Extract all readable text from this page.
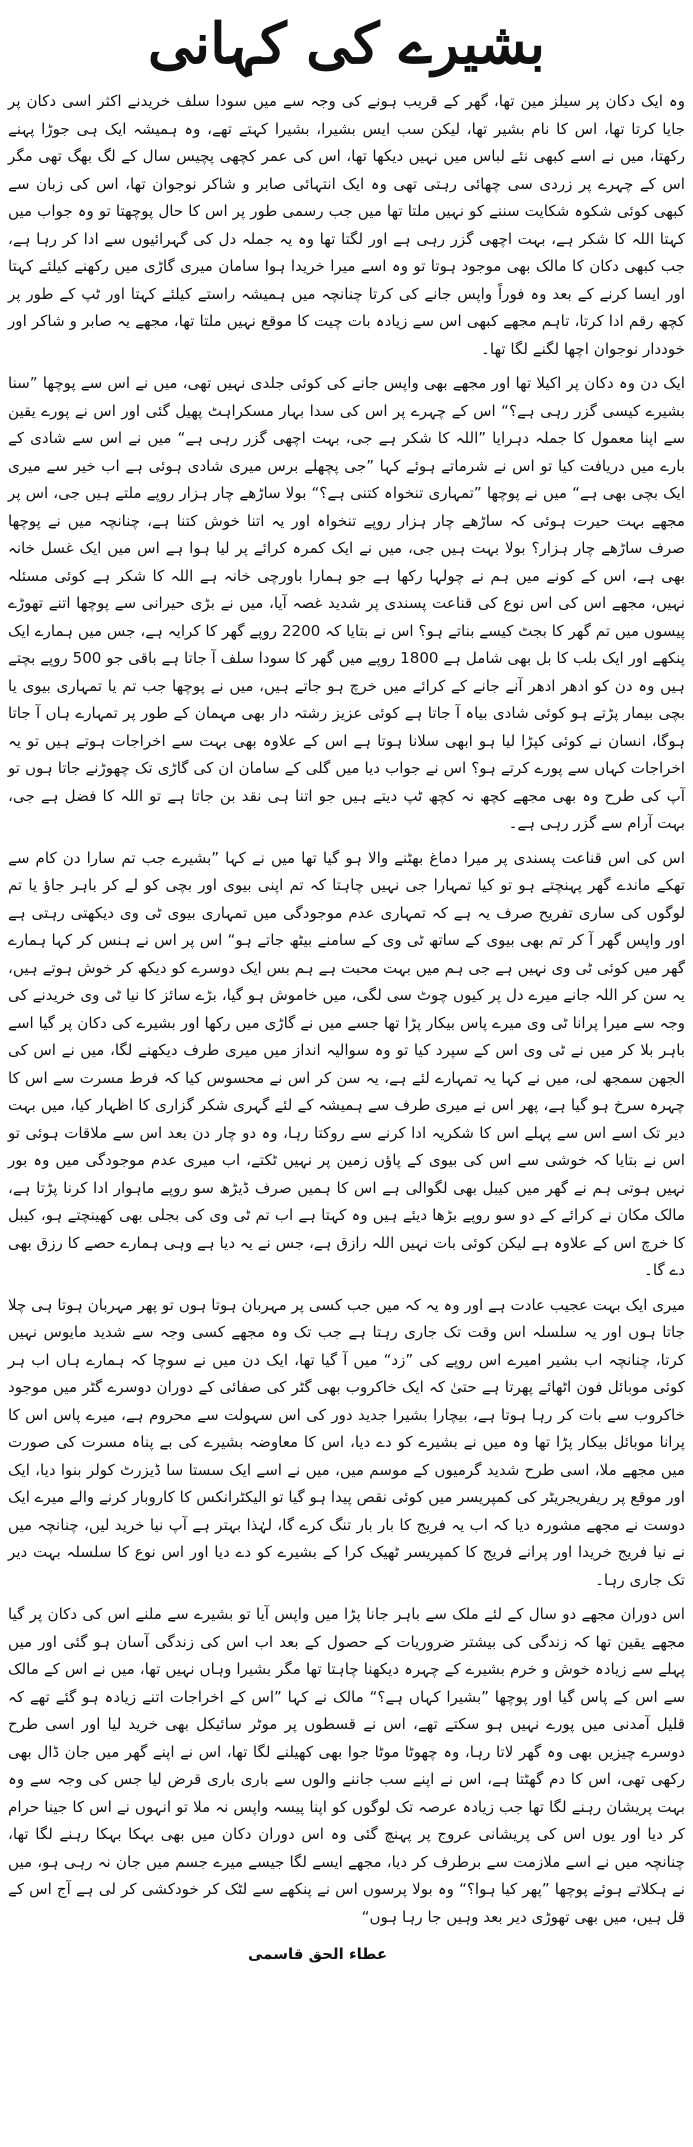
بشیرے کی کہانی

وہ ایک دکان پر سیلز مین تھا، گھر کے قریب ہونے کی وجہ سے میں سودا سلف خریدنے اکثر اسی دکان پر جایا کرتا تھا، اس کا نام بشیر تھا، لیکن سب ایس بشیرا، بشیرا کہتے تھے، وہ ہمیشہ ایک ہی جوڑا پہنے رکھتا، میں نے اسے کبھی نئے لباس میں نہیں دیکھا تھا، اس کی عمر کچھی پچیس سال کے لگ بھگ تھی مگر اس کے چہرے پر زردی سی چھائی رہتی تھی وہ ایک انتہائی صابر و شاکر نوجوان تھا، اس کی زبان سے کبھی کوئی شکوہ شکایت سننے کو نہیں ملتا تھا میں جب رسمی طور پر اس کا حال پوچھتا تو وہ جواب میں کہتا اللہ کا شکر ہے، بہت اچھی گزر رہی ہے اور لگتا تھا وہ یہ جملہ دل کی گہرائیوں سے ادا کر رہا ہے، جب کبھی دکان کا مالک بھی موجود ہوتا تو وہ اسے میرا خریدا ہوا سامان میری گاڑی میں رکھنے کیلئے کہتا اور ایسا کرنے کے بعد وہ فوراً واپس جانے کی کرتا چنانچہ میں ہمیشہ راستے کیلئے کہتا اور ٹپ کے طور پر کچھ رقم ادا کرتا، تاہم مجھے کبھی اس سے زیادہ بات چیت کا موقع نہیں ملتا تھا، مجھے یہ صابر و شاکر اور خوددار نوجوان اچھا لگنے لگا تھا۔

ایک دن وہ دکان پر اکیلا تھا اور مجھے بھی واپس جانے کی کوئی جلدی نہیں تھی، میں نے اس سے پوچھا ”سنا بشیرے کیسی گزر رہی ہے؟“ اس کے چہرے پر اس کی سدا بہار مسکراہٹ پھیل گئی اور اس نے پورے یقین سے اپنا معمول کا جملہ دہرایا ”اللہ کا شکر ہے جی، بہت اچھی گزر رہی ہے“ میں نے اس سے شادی کے بارے میں دریافت کیا تو اس نے شرماتے ہوئے کہا ”جی پچھلے برس میری شادی ہوئی ہے اب خیر سے میری ایک بچی بھی ہے“ میں نے پوچھا ”تمہاری تنخواہ کتنی ہے؟“ بولا ساڑھے چار ہزار روپے ملتے ہیں جی، اس پر مجھے بہت حیرت ہوئی کہ ساڑھے چار ہزار روپے تنخواہ اور یہ اتنا خوش کتنا ہے، چنانچہ میں نے پوچھا صرف ساڑھے چار ہزار؟ بولا بہت ہیں جی، میں نے ایک کمرہ کرائے پر لیا ہوا ہے اس میں ایک غسل خانہ بھی ہے، اس کے کونے میں ہم نے چولہا رکھا ہے جو ہمارا باورچی خانہ ہے اللہ کا شکر ہے کوئی مسئلہ نہیں، مجھے اس کی اس نوع کی قناعت پسندی پر شدید غصہ آیا، میں نے بڑی حیرانی سے پوچھا اتنے تھوڑے پیسوں میں تم گھر کا بجٹ کیسے بناتے ہو؟ اس نے بتایا کہ 2200 روپے گھر کا کرایہ ہے، جس میں ہمارے ایک پنکھے اور ایک بلب کا بل بھی شامل ہے 1800 روپے میں گھر کا سودا سلف آ جاتا ہے باقی جو 500 روپے بچتے ہیں وہ دن کو ادھر ادھر آنے جانے کے کرائے میں خرچ ہو جاتے ہیں، میں نے پوچھا جب تم یا تمہاری بیوی یا بچی بیمار پڑتے ہو کوئی شادی بیاہ آ جاتا ہے کوئی عزیز رشتہ دار بھی مہمان کے طور پر تمہارے ہاں آ جاتا ہوگا، انسان نے کوئی کپڑا لیا ہو ابھی سلانا ہوتا ہے اس کے علاوہ بھی بہت سے اخراجات ہوتے ہیں تو یہ اخراجات کہاں سے پورے کرتے ہو؟ اس نے جواب دیا میں گلی کے سامان ان کی گاڑی تک چھوڑنے جاتا ہوں تو آپ کی طرح وہ بھی مجھے کچھ نہ کچھ ٹپ دیتے ہیں جو اتنا ہی نقد بن جاتا ہے تو اللہ کا فضل ہے جی، بہت آرام سے گزر رہی ہے۔

اس کی اس قناعت پسندی پر میرا دماغ بھٹنے والا ہو گیا تھا میں نے کہا ”بشیرے جب تم سارا دن کام سے تھکے ماندے گھر پہنچتے ہو تو کیا تمہارا جی نہیں چاہتا کہ تم اپنی بیوی اور بچی کو لے کر باہر جاؤ یا تم لوگوں کی ساری تفریح صرف یہ ہے کہ تمہاری عدم موجودگی میں تمہاری بیوی ٹی وی دیکھتی رہتی ہے اور واپس گھر آ کر تم بھی بیوی کے ساتھ ٹی وی کے سامنے بیٹھ جاتے ہو“ اس پر اس نے ہنس کر کہا ہمارے گھر میں کوئی ٹی وی نہیں ہے جی ہم میں بہت محبت ہے ہم بس ایک دوسرے کو دیکھ کر خوش ہوتے ہیں، یہ سن کر اللہ جانے میرے دل پر کیوں چوٹ سی لگی، میں خاموش ہو گیا، بڑے سائز کا نیا ٹی وی خریدنے کی وجہ سے میرا پرانا ٹی وی میرے پاس بیکار پڑا تھا جسے میں نے گاڑی میں رکھا اور بشیرے کی دکان پر گیا اسے باہر بلا کر میں نے ٹی وی اس کے سپرد کیا تو وہ سوالیہ انداز میں میری طرف دیکھنے لگا، میں نے اس کی الجھن سمجھ لی، میں نے کہا یہ تمہارے لئے ہے، یہ سن کر اس نے محسوس کیا کہ فرط مسرت سے اس کا چہرہ سرخ ہو گیا ہے، پھر اس نے میری طرف سے ہمیشہ کے لئے گہری شکر گزاری کا اظہار کیا، میں بہت دیر تک اسے اس سے پہلے اس کا شکریہ ادا کرنے سے روکتا رہا، وہ دو چار دن بعد اس سے ملاقات ہوئی تو اس نے بتایا کہ خوشی سے اس کی بیوی کے پاؤں زمین پر نہیں ٹکتے، اب میری عدم موجودگی میں وہ بور نہیں ہوتی ہم نے گھر میں کیبل بھی لگوالی ہے اس کا ہمیں صرف ڈیڑھ سو روپے ماہوار ادا کرنا پڑتا ہے، مالک مکان نے کرائے کے دو سو روپے بڑھا دیئے ہیں وہ کہتا ہے اب تم ٹی وی کی بجلی بھی کھینچتے ہو، کیبل کا خرچ اس کے علاوہ ہے لیکن کوئی بات نہیں اللہ رازق ہے، جس نے یہ دیا ہے وہی ہمارے حصے کا رزق بھی دے گا۔

میری ایک بہت عجیب عادت ہے اور وہ یہ کہ میں جب کسی پر مہربان ہوتا ہوں تو پھر مہربان ہوتا ہی چلا جاتا ہوں اور یہ سلسلہ اس وقت تک جاری رہتا ہے جب تک وہ مجھے کسی وجہ سے شدید مایوس نہیں کرتا، چنانچہ اب بشیر امیرے اس روپے کی ”زد“ میں آ گیا تھا، ایک دن میں نے سوچا کہ ہمارے ہاں اب ہر کوئی موبائل فون اٹھائے پھرتا ہے حتیٰ کہ ایک خاکروب بھی گٹر کی صفائی کے دوران دوسرے گٹر میں موجود خاکروب سے بات کر رہا ہوتا ہے، بیچارا بشیرا جدید دور کی اس سہولت سے محروم ہے، میرے پاس اس کا پرانا موبائل بیکار پڑا تھا وہ میں نے بشیرے کو دے دیا، اس کا معاوضہ بشیرے کی بے پناہ مسرت کی صورت میں مجھے ملا، اسی طرح شدید گرمیوں کے موسم میں، میں نے اسے ایک سستا سا ڈیزرٹ کولر بنوا دیا، ایک اور موقع پر ریفریجریٹر کی کمپریسر میں کوئی نقص پیدا ہو گیا تو الیکٹرانکس کا کاروبار کرنے والے میرے ایک دوست نے مجھے مشورہ دیا کہ اب یہ فریج کا بار بار تنگ کرے گا، لہٰذا بہتر ہے آپ نیا خرید لیں، چنانچہ میں نے نیا فریج خریدا اور پرانے فریج کا کمپریسر ٹھیک کرا کے بشیرے کو دے دیا اور اس نوع کا سلسلہ بہت دیر تک جاری رہا۔

اس دوران مجھے دو سال کے لئے ملک سے باہر جانا پڑا میں واپس آیا تو بشیرے سے ملنے اس کی دکان پر گیا مجھے یقین تھا کہ زندگی کی بیشتر ضروریات کے حصول کے بعد اب اس کی زندگی آسان ہو گئی اور میں پہلے سے زیادہ خوش و خرم بشیرے کے چہرہ دیکھنا چاہتا تھا مگر بشیرا وہاں نہیں تھا، میں نے اس کے مالک سے اس کے پاس گیا اور پوچھا ”بشیرا کہاں ہے؟“ مالک نے کہا ”اس کے اخراجات اتنے زیادہ ہو گئے تھے کہ قلیل آمدنی میں پورے نہیں ہو سکتے تھے، اس نے قسطوں پر موٹر سائیکل بھی خرید لیا اور اسی طرح دوسرے چیزیں بھی وہ گھر لاتا رہا، وہ چھوٹا موٹا جوا بھی کھیلنے لگا تھا، اس نے اپنے گھر میں جان ڈال بھی رکھی تھی، اس کا دم گھٹتا ہے، اس نے اپنے سب جاننے والوں سے باری باری قرض لیا جس کی وجہ سے وہ بہت پریشان رہنے لگا تھا جب زیادہ عرصہ تک لوگوں کو اپنا پیسہ واپس نہ ملا تو انہوں نے اس کا جینا حرام کر دیا اور یوں اس کی پریشانی عروج پر پہنچ گئی وہ اس دوران دکان میں بھی بہکا بہکا رہنے لگا تھا، چنانچہ میں نے اسے ملازمت سے برطرف کر دیا، مجھے ایسے لگا جیسے میرے جسم میں جان نہ رہی ہو، میں نے ہکلاتے ہوئے پوچھا ”پھر کیا ہوا؟“ وہ بولا پرسوں اس نے پنکھے سے لٹک کر خودکشی کر لی ہے آج اس کے قل ہیں، میں بھی تھوڑی دیر بعد وہیں جا رہا ہوں“

عطاء الحق قاسمی
